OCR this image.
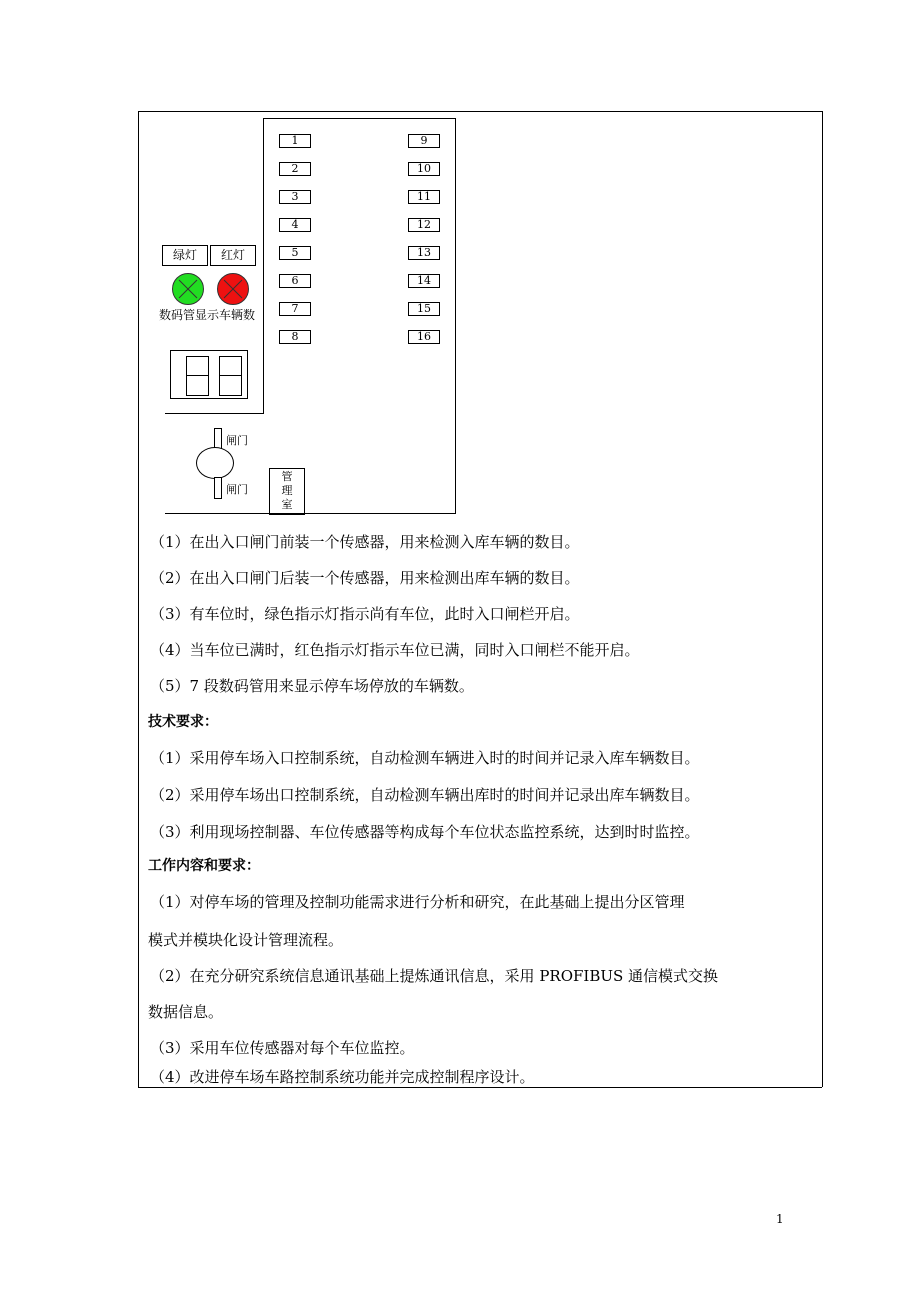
1
2
3
4
5
6
7
8
9
10
11
12
13
14
15
16
绿灯	红灯
数码管显示车辆数
闸门
闸门
管理室
（1）在出入口闸门前装一个传感器，用来检测入库车辆的数目。
（2）在出入口闸门后装一个传感器，用来检测出库车辆的数目。
（3）有车位时，绿色指示灯指示尚有车位，此时入口闸栏开启。
（4）当车位已满时，红色指示灯指示车位已满，同时入口闸栏不能开启。
（5）7 段数码管用来显示停车场停放的车辆数。
技术要求：
（1）采用停车场入口控制系统，自动检测车辆进入时的时间并记录入库车辆数目。
（2）采用停车场出口控制系统，自动检测车辆出库时的时间并记录出库车辆数目。
（3）利用现场控制器、车位传感器等构成每个车位状态监控系统，达到时时监控。
工作内容和要求：
（1）对停车场的管理及控制功能需求进行分析和研究，在此基础上提出分区管理
模式并模块化设计管理流程。
（2）在充分研究系统信息通讯基础上提炼通讯信息，采用 PROFIBUS 通信模式交换
数据信息。
（3）采用车位传感器对每个车位监控。
（4）改进停车场车路控制系统功能并完成控制程序设计。
1
